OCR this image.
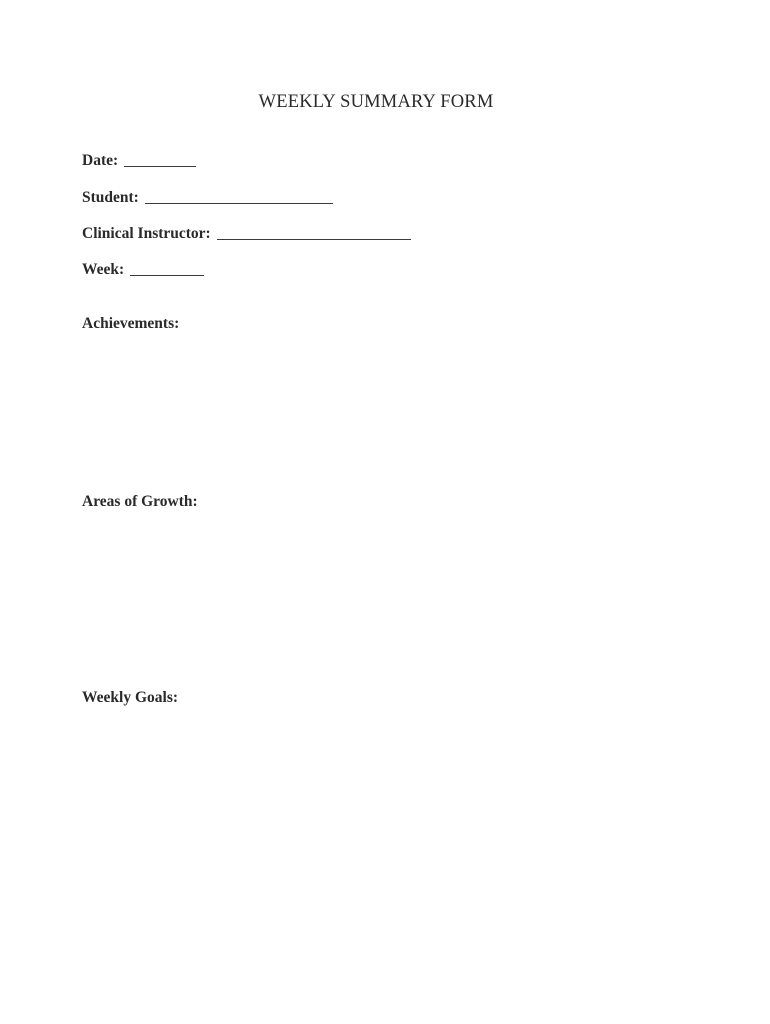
WEEKLY SUMMARY FORM
Date:
Student:
Clinical Instructor:
Week:
Achievements:
Areas of Growth:
Weekly Goals:
